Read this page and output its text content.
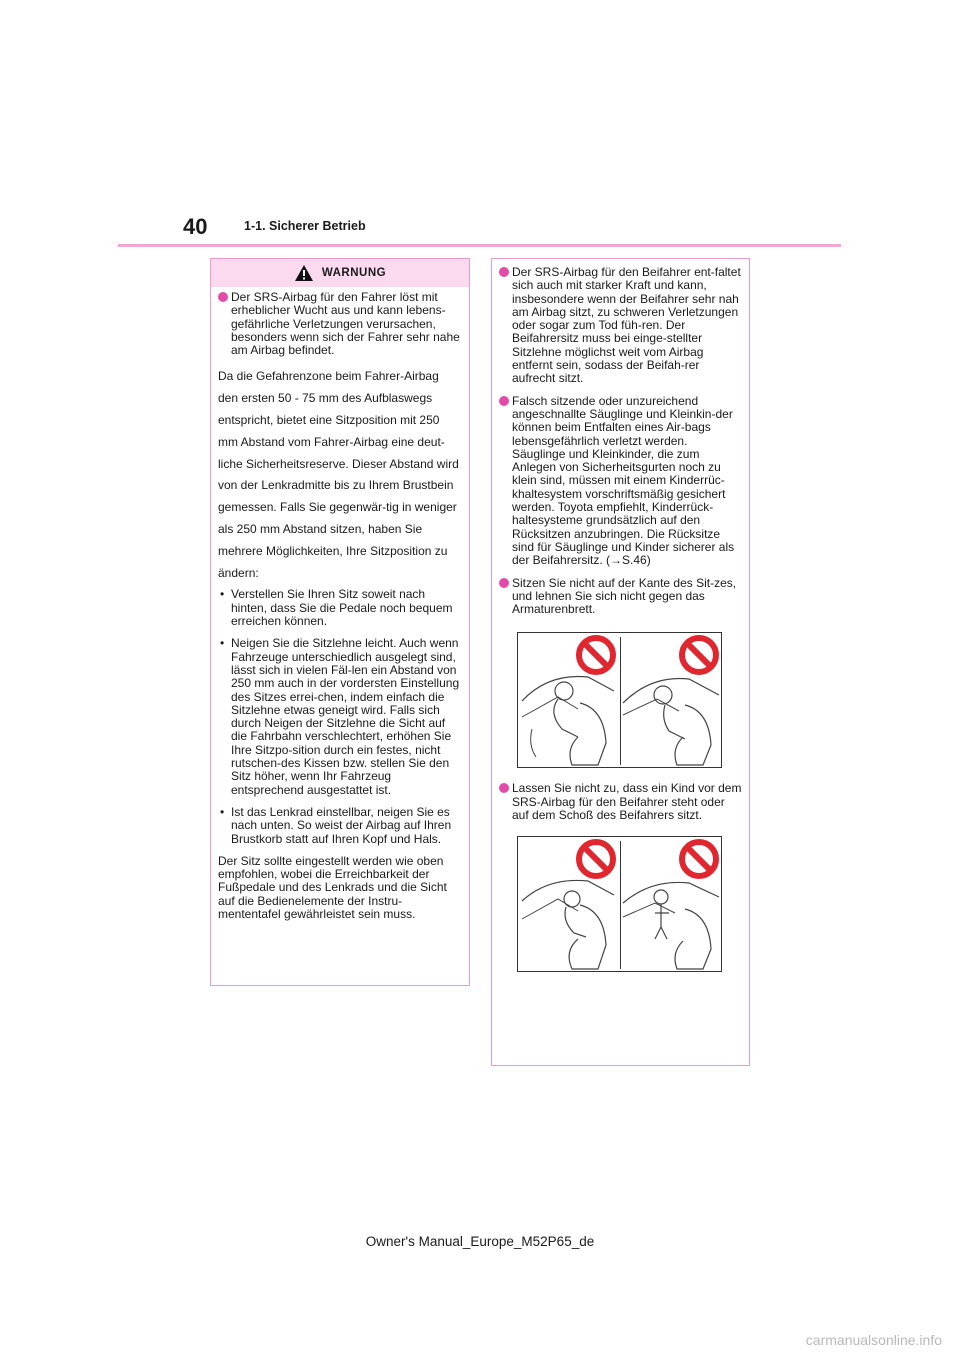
40	1-1. Sicherer Betrieb
WARNUNG
Der SRS-Airbag für den Fahrer löst mit erheblicher Wucht aus und kann lebens-gefährliche Verletzungen verursachen, besonders wenn sich der Fahrer sehr nahe am Airbag befindet.
Da die Gefahrenzone beim Fahrer-Airbag den ersten 50 - 75 mm des Aufblaswegs entspricht, bietet eine Sitzposition mit 250 mm Abstand vom Fahrer-Airbag eine deut-liche Sicherheitsreserve. Dieser Abstand wird von der Lenkradmitte bis zu Ihrem Brustbein gemessen. Falls Sie gegenwär-tig in weniger als 250 mm Abstand sitzen, haben Sie mehrere Möglichkeiten, Ihre Sitzposition zu ändern:
• Verstellen Sie Ihren Sitz soweit nach hinten, dass Sie die Pedale noch bequem erreichen können.
• Neigen Sie die Sitzlehne leicht. Auch wenn Fahrzeuge unterschiedlich ausgelegt sind, lässt sich in vielen Fäl-len ein Abstand von 250 mm auch in der vordersten Einstellung des Sitzes errei-chen, indem einfach die Sitzlehne etwas geneigt wird. Falls sich durch Neigen der Sitzlehne die Sicht auf die Fahrbahn verschlechtert, erhöhen Sie Ihre Sitzpo-sition durch ein festes, nicht rutschen-des Kissen bzw. stellen Sie den Sitz höher, wenn Ihr Fahrzeug entsprechend ausgestattet ist.
• Ist das Lenkrad einstellbar, neigen Sie es nach unten. So weist der Airbag auf Ihren Brustkorb statt auf Ihren Kopf und Hals.
Der Sitz sollte eingestellt werden wie oben empfohlen, wobei die Erreichbarkeit der Fußpedale und des Lenkrads und die Sicht auf die Bedienelemente der Instru-mententafel gewährleistet sein muss.
Der SRS-Airbag für den Beifahrer ent-faltet sich auch mit starker Kraft und kann, insbesondere wenn der Beifahrer sehr nah am Airbag sitzt, zu schweren Verletzungen oder sogar zum Tod füh-ren. Der Beifahrersitz muss bei einge-stellter Sitzlehne möglichst weit vom Airbag entfernt sein, sodass der Beifah-rer aufrecht sitzt.
Falsch sitzende oder unzureichend angeschnallte Säuglinge und Kleinkin-der können beim Entfalten eines Air-bags lebensgefährlich verletzt werden. Säuglinge und Kleinkinder, die zum Anlegen von Sicherheitsgurten noch zu klein sind, müssen mit einem Kinderrüc-khaltesystem vorschriftsmäßig gesichert werden. Toyota empfiehlt, Kinderrück-haltesysteme grundsätzlich auf den Rücksitzen anzubringen. Die Rücksitze sind für Säuglinge und Kinder sicherer als der Beifahrersitz. (→S.46)
Sitzen Sie nicht auf der Kante des Sit-zes, und lehnen Sie sich nicht gegen das Armaturenbrett.
Lassen Sie nicht zu, dass ein Kind vor dem SRS-Airbag für den Beifahrer steht oder auf dem Schoß des Beifahrers sitzt.
Owner's Manual_Europe_M52P65_de
carmanualsonline.info
